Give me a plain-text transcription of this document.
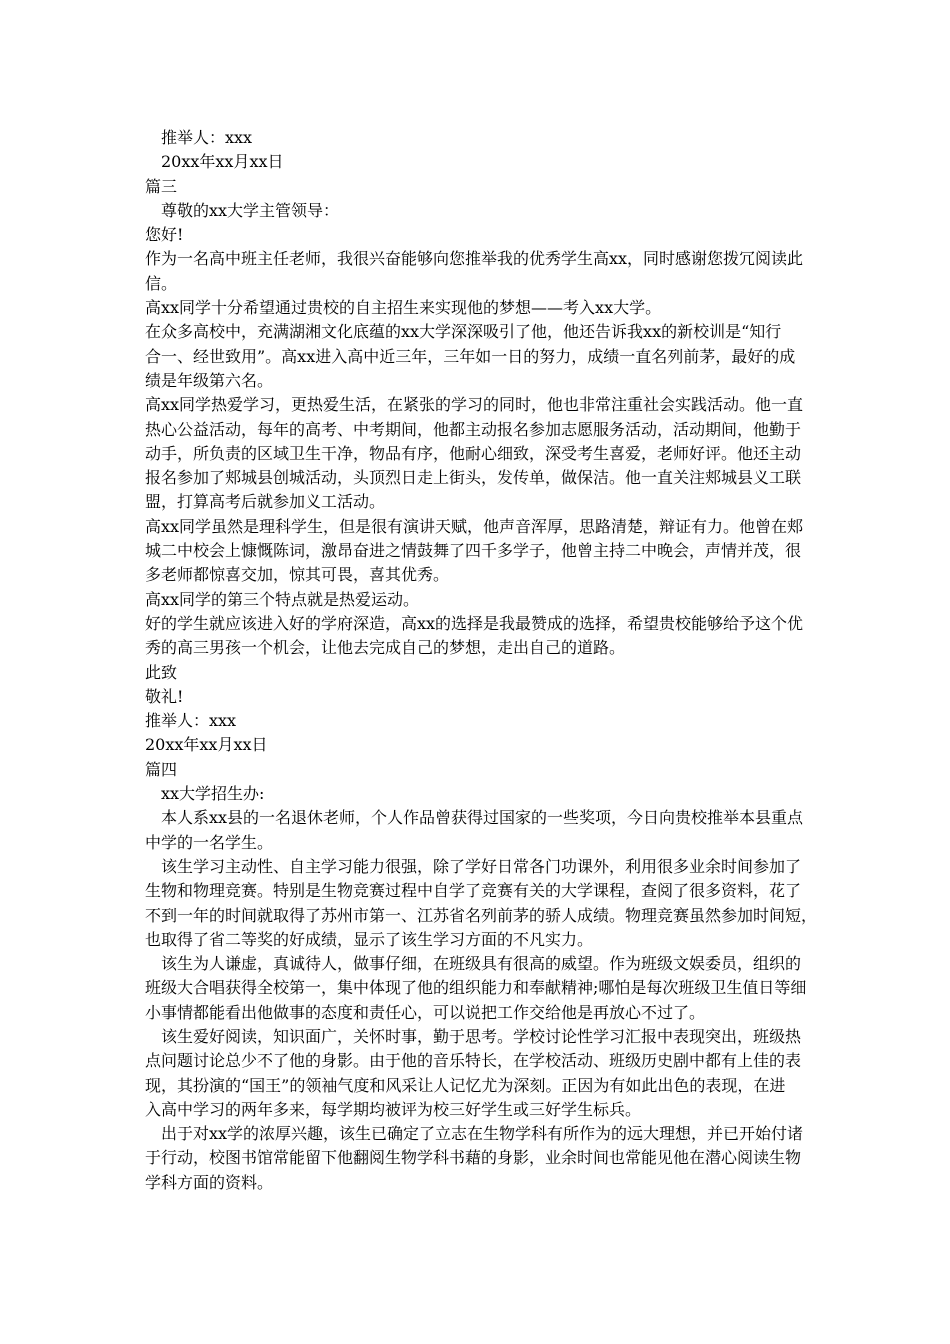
推举人：xxx
20xx年xx月xx日
篇三
尊敬的xx大学主管领导：
您好!
作为一名高中班主任老师，我很兴奋能够向您推举我的优秀学生高xx，同时感谢您拨冗阅读此
信。
高xx同学十分希望通过贵校的自主招生来实现他的梦想——考入xx大学。
在众多高校中，充满湖湘文化底蕴的xx大学深深吸引了他，他还告诉我xx的新校训是“知行
合一、经世致用”。高xx进入高中近三年，三年如一日的努力，成绩一直名列前茅，最好的成
绩是年级第六名。
高xx同学热爱学习，更热爱生活，在紧张的学习的同时，他也非常注重社会实践活动。他一直
热心公益活动，每年的高考、中考期间，他都主动报名参加志愿服务活动，活动期间，他勤于
动手，所负责的区域卫生干净，物品有序，他耐心细致，深受考生喜爱，老师好评。他还主动
报名参加了郏城县创城活动，头顶烈日走上街头，发传单，做保洁。他一直关注郏城县义工联
盟，打算高考后就参加义工活动。
高xx同学虽然是理科学生，但是很有演讲天赋，他声音浑厚，思路清楚，辩证有力。他曾在郏
城二中校会上慷慨陈词，激昂奋进之情鼓舞了四千多学子，他曾主持二中晚会，声情并茂，很
多老师都惊喜交加，惊其可畏，喜其优秀。
高xx同学的第三个特点就是热爱运动。
好的学生就应该进入好的学府深造，高xx的选择是我最赞成的选择，希望贵校能够给予这个优
秀的高三男孩一个机会，让他去完成自己的梦想，走出自己的道路。
此致
敬礼!
推举人：xxx
20xx年xx月xx日
篇四
xx大学招生办:
本人系xx县的一名退休老师，个人作品曾获得过国家的一些奖项，今日向贵校推举本县重点
中学的一名学生。
该生学习主动性、自主学习能力很强，除了学好日常各门功课外，利用很多业余时间参加了
生物和物理竞赛。特别是生物竞赛过程中自学了竞赛有关的大学课程，查阅了很多资料，花了
不到一年的时间就取得了苏州市第一、江苏省名列前茅的骄人成绩。物理竞赛虽然参加时间短，
也取得了省二等奖的好成绩，显示了该生学习方面的不凡实力。
该生为人谦虚，真诚待人，做事仔细，在班级具有很高的威望。作为班级文娱委员，组织的
班级大合唱获得全校第一，集中体现了他的组织能力和奉献精神;哪怕是每次班级卫生值日等细
小事情都能看出他做事的态度和责任心，可以说把工作交给他是再放心不过了。
该生爱好阅读，知识面广，关怀时事，勤于思考。学校讨论性学习汇报中表现突出，班级热
点问题讨论总少不了他的身影。由于他的音乐特长，在学校活动、班级历史剧中都有上佳的表
现，其扮演的“国王”的领袖气度和风采让人记忆尤为深刻。正因为有如此出色的表现，在进
入高中学习的两年多来，每学期均被评为校三好学生或三好学生标兵。
出于对xx学的浓厚兴趣，该生已确定了立志在生物学科有所作为的远大理想，并已开始付诸
于行动，校图书馆常能留下他翻阅生物学科书藉的身影，业余时间也常能见他在潜心阅读生物
学科方面的资料。
